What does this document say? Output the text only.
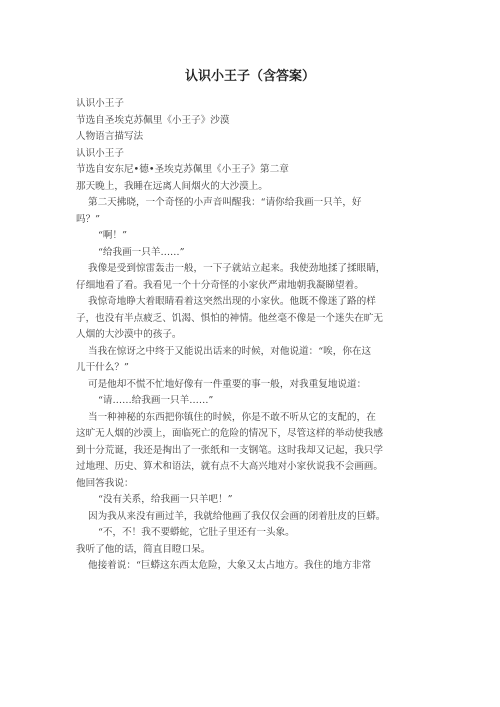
认识小王子（含答案）

认识小王子

节选自圣埃克苏佩里《小王子》沙漠

人物语言描写法

认识小王子

节选自安东尼•德•圣埃克苏佩里《小王子》第二章

那天晚上，我睡在远离人间烟火的大沙漠上。

第二天拂晓，一个奇怪的小声音叫醒我：“请你给我画一只羊，好

吗？”

“啊！”

“给我画一只羊……”

我像是受到惊雷轰击一般，一下子就站立起来。我使劲地揉了揉眼睛，

仔细地看了看。我看见一个十分奇怪的小家伙严肃地朝我凝睇望着。

我惊奇地睁大着眼睛看着这突然出现的小家伙。他既不像迷了路的样

子，也没有半点疲乏、饥渴、惧怕的神情。他丝毫不像是一个迷失在旷无

人烟的大沙漠中的孩子。

当我在惊讶之中终于又能说出话来的时候，对他说道：“唉，你在这

儿干什么？”

可是他却不慌不忙地好像有一件重要的事一般，对我重复地说道：

“请……给我画一只羊……”

当一种神秘的东西把你镇住的时候，你是不敢不听从它的支配的，在

这旷无人烟的沙漠上，面临死亡的危险的情况下，尽管这样的举动使我感

到十分荒诞，我还是掏出了一张纸和一支钢笔。这时我却又记起，我只学

过地理、历史、算术和语法，就有点不大高兴地对小家伙说我不会画画。

他回答我说：

“没有关系，给我画一只羊吧！”

因为我从来没有画过羊，我就给他画了我仅仅会画的闭着肚皮的巨蟒。

“不，不！我不要蟒蛇，它肚子里还有一头象。

我听了他的话，简直目瞪口呆。

他接着说：“巨蟒这东西太危险，大象又太占地方。我住的地方非常
